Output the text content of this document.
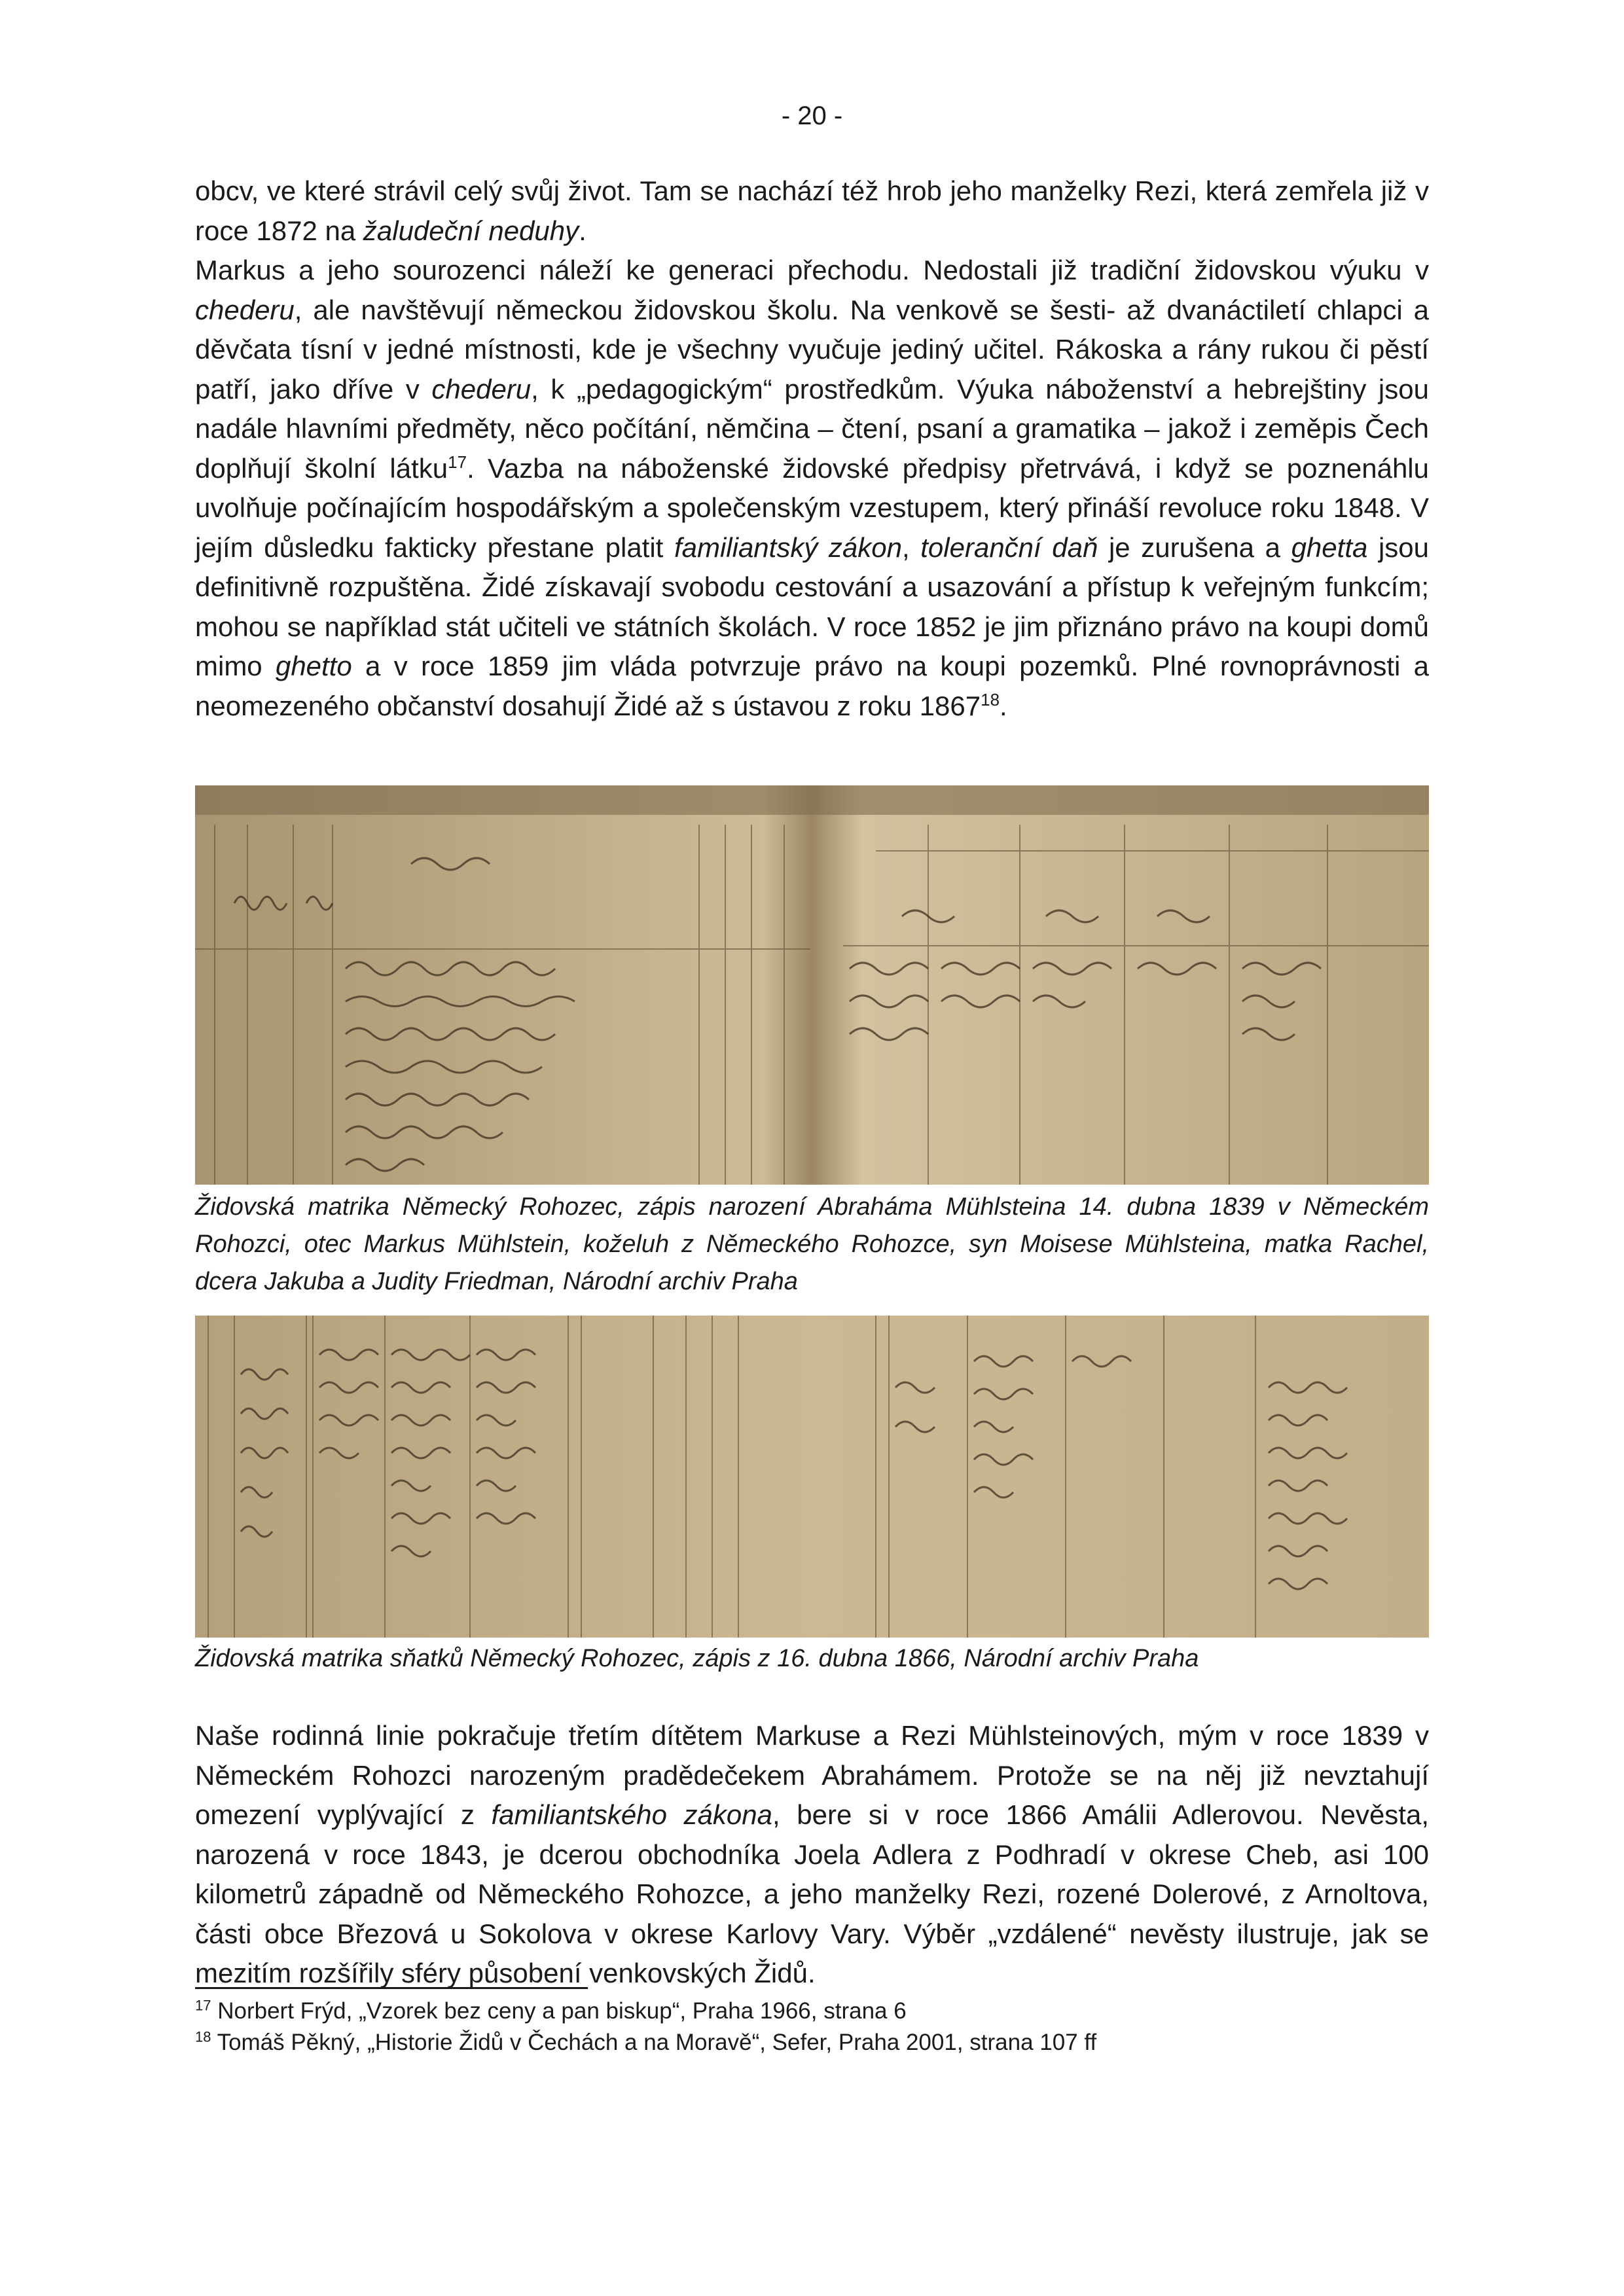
- 20 -

obcv, ve které strávil celý svůj život. Tam se nachází též hrob jeho manželky Rezi, která zemřela již v roce 1872 na žaludeční neduhy.
Markus a jeho sourozenci náleží ke generaci přechodu. Nedostali již tradiční židovskou výuku v chederu, ale navštěvují německou židovskou školu. Na venkově se šesti- až dvanáctiletí chlapci a děvčata tísní v jedné místnosti, kde je všechny vyučuje jediný učitel. Rákoska a rány rukou či pěstí patří, jako dříve v chederu, k „pedagogickým“ prostředkům. Výuka náboženství a hebrejštiny jsou nadále hlavními předměty, něco počítání, němčina – čtení, psaní a gramatika – jakož i zeměpis Čech doplňují školní látku$^{17}$. Vazba na náboženské židovské předpisy přetrvává, i když se poznenáhlu uvolňuje počínajícím hospodářským a společenským vzestupem, který přináší revoluce roku 1848. V jejím důsledku fakticky přestane platit familiantský zákon, toleranční daň je zurušena a ghetta jsou definitivně rozpuštěna. Židé získavají svobodu cestování a usazování a přístup k veřejným funkcím; mohou se například stát učiteli ve státních školách. V roce 1852 je jim přiznáno právo na koupi domů mimo ghetto a v roce 1859 jim vláda potvrzuje právo na koupi pozemků. Plné rovnoprávnosti a neomezeného občanství dosahují Židé až s ústavou z roku 1867$^{18}$.

Židovská matrika Německý Rohozec, zápis narození Abraháma Mühlsteina 14. dubna 1839 v Německém Rohozci, otec Markus Mühlstein, koželuh z Německého Rohozce, syn Moisese Mühlsteina, matka Rachel, dcera Jakuba a Judity Friedman, Národní archiv Praha

Židovská matrika sňatků Německý Rohozec, zápis z 16. dubna 1866, Národní archiv Praha

Naše rodinná linie pokračuje třetím dítětem Markuse a Rezi Mühlsteinových, mým v roce 1839 v Německém Rohozci narozeným pradědečekem Abrahámem. Protože se na něj již nevztahují omezení vyplývající z familiantského zákona, bere si v roce 1866 Amálii Adlerovou. Nevěsta, narozená v roce 1843, je dcerou obchodníka Joela Adlera z Podhradí v okrese Cheb, asi 100 kilometrů západně od Německého Rohozce, a jeho manželky Rezi, rozené Dolerové, z Arnoltova, části obce Březová u Sokolova v okrese Karlovy Vary. Výběr „vzdálené“ nevěsty ilustruje, jak se mezitím rozšířily sféry působení venkovských Židů.

$^{17}$ Norbert Frýd, „Vzorek bez ceny a pan biskup“, Praha 1966, strana 6

$^{18}$ Tomáš Pěkný, „Historie Židů v Čechách a na Moravě“, Sefer, Praha 2001, strana 107 ff
